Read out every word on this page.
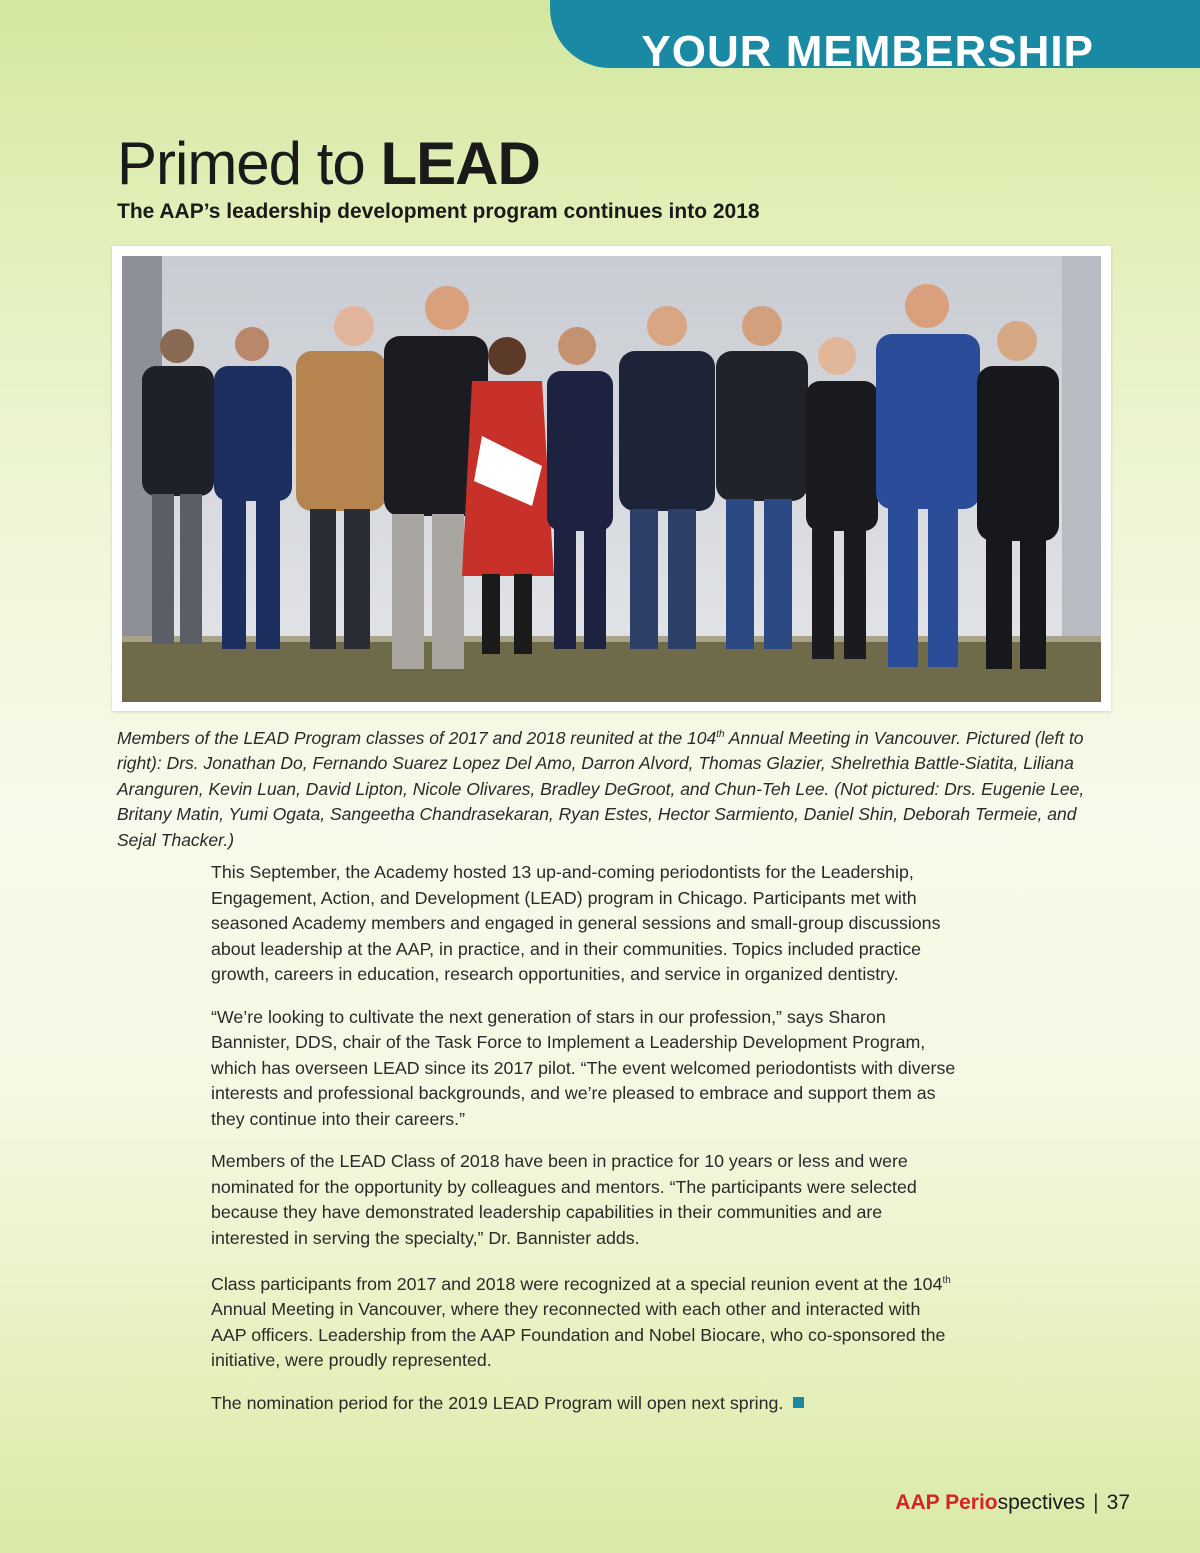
YOUR MEMBERSHIP
Primed to LEAD
The AAP’s leadership development program continues into 2018
Members of the LEAD Program classes of 2017 and 2018 reunited at the 104th Annual Meeting in Vancouver. Pictured (left to right): Drs. Jonathan Do, Fernando Suarez Lopez Del Amo, Darron Alvord, Thomas Glazier, Shelrethia Battle-Siatita, Liliana Aranguren, Kevin Luan, David Lipton, Nicole Olivares, Bradley DeGroot, and Chun-Teh Lee. (Not pictured: Drs. Eugenie Lee, Britany Matin, Yumi Ogata, Sangeetha Chandrasekaran, Ryan Estes, Hector Sarmiento, Daniel Shin, Deborah Termeie, and Sejal Thacker.)

This September, the Academy hosted 13 up-and-coming periodontists for the Leadership, Engagement, Action, and Development (LEAD) program in Chicago. Participants met with seasoned Academy members and engaged in general sessions and small-group discussions about leadership at the AAP, in practice, and in their communities. Topics included practice growth, careers in education, research opportunities, and service in organized dentistry.

“We’re looking to cultivate the next generation of stars in our profession,” says Sharon Bannister, DDS, chair of the Task Force to Implement a Leadership Development Program, which has overseen LEAD since its 2017 pilot. “The event welcomed periodontists with diverse interests and professional backgrounds, and we’re pleased to embrace and support them as they continue into their careers.”

Members of the LEAD Class of 2018 have been in practice for 10 years or less and were nominated for the opportunity by colleagues and mentors. “The participants were selected because they have demonstrated leadership capabilities in their communities and are interested in serving the specialty,” Dr. Bannister adds.

Class participants from 2017 and 2018 were recognized at a special reunion event at the 104th Annual Meeting in Vancouver, where they reconnected with each other and interacted with AAP officers. Leadership from the AAP Foundation and Nobel Biocare, who co-sponsored the initiative, were proudly represented.

The nomination period for the 2019 LEAD Program will open next spring.

AAP Periospectives | 37
